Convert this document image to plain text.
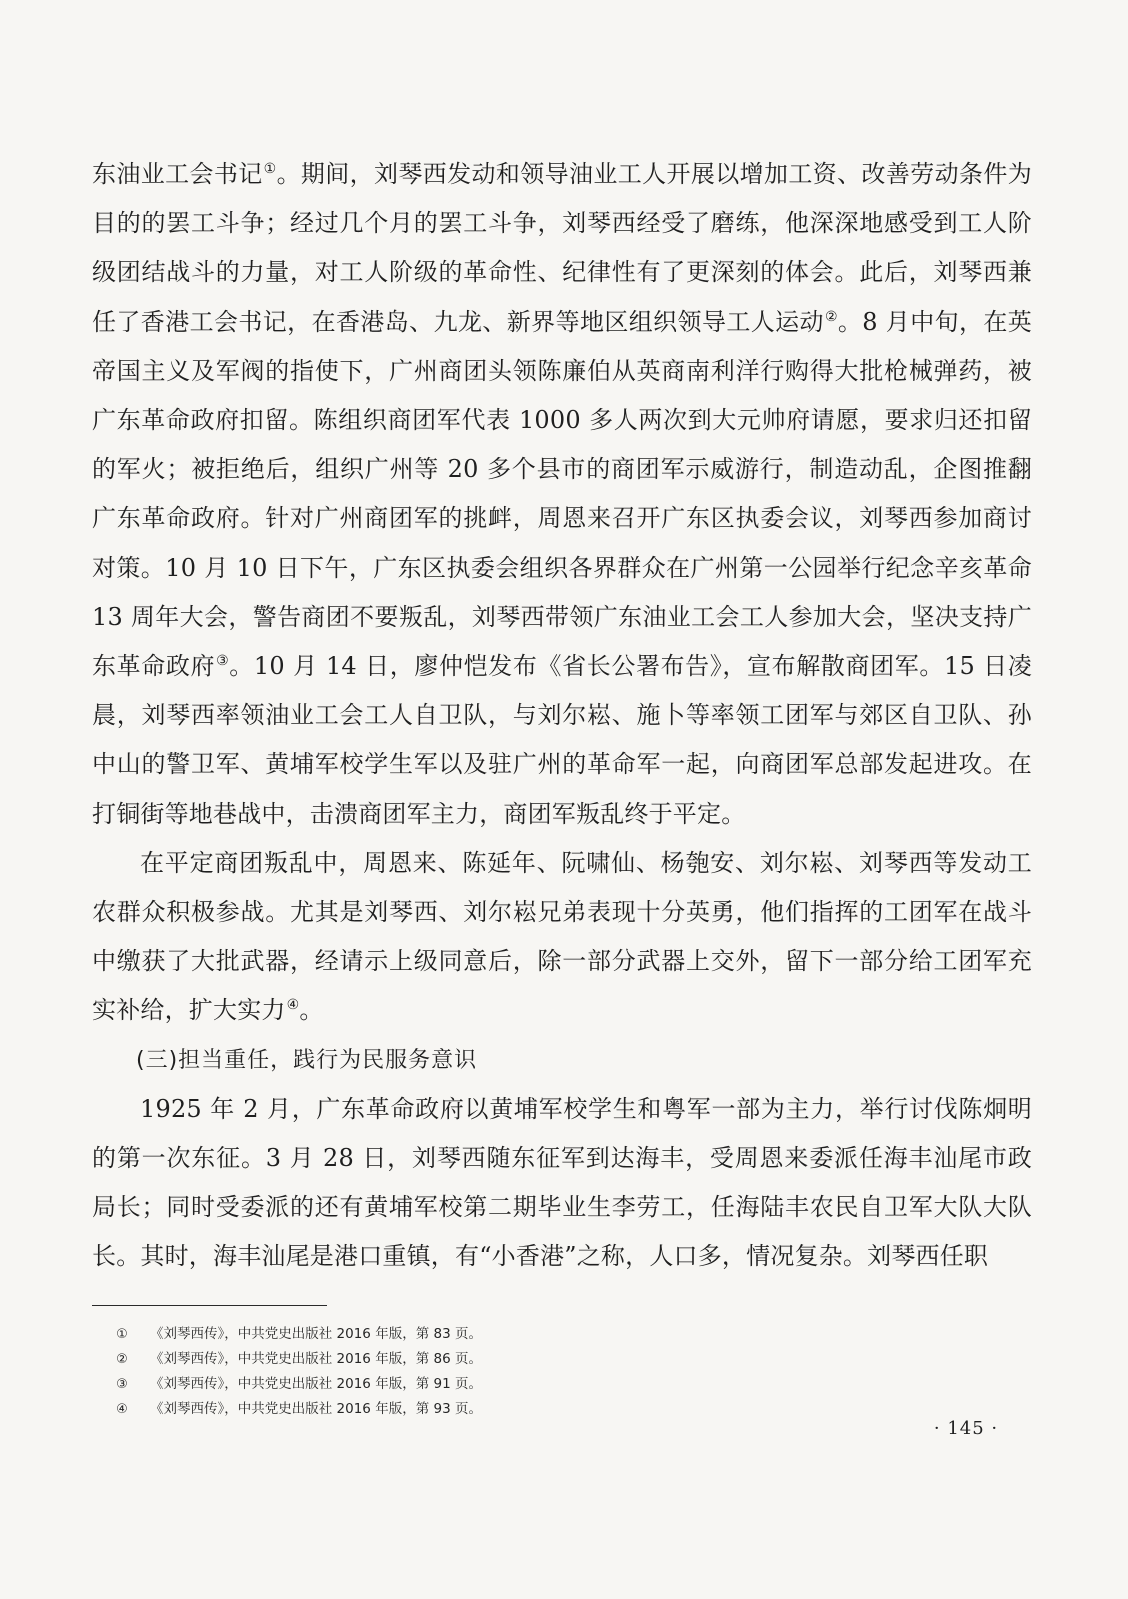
东油业工会书记①。期间，刘琴西发动和领导油业工人开展以增加工资、改善劳动条件为目的的罢工斗争；经过几个月的罢工斗争，刘琴西经受了磨练，他深深地感受到工人阶级团结战斗的力量，对工人阶级的革命性、纪律性有了更深刻的体会。此后，刘琴西兼任了香港工会书记，在香港岛、九龙、新界等地区组织领导工人运动②。8 月中旬，在英帝国主义及军阀的指使下，广州商团头领陈廉伯从英商南利洋行购得大批枪械弹药，被广东革命政府扣留。陈组织商团军代表 1000 多人两次到大元帅府请愿，要求归还扣留的军火；被拒绝后，组织广州等 20 多个县市的商团军示威游行，制造动乱，企图推翻广东革命政府。针对广州商团军的挑衅，周恩来召开广东区执委会议，刘琴西参加商讨对策。10 月 10 日下午，广东区执委会组织各界群众在广州第一公园举行纪念辛亥革命 13 周年大会，警告商团不要叛乱，刘琴西带领广东油业工会工人参加大会，坚决支持广东革命政府③。10 月 14 日，廖仲恺发布《省长公署布告》，宣布解散商团军。15 日凌晨，刘琴西率领油业工会工人自卫队，与刘尔崧、施卜等率领工团军与郊区自卫队、孙中山的警卫军、黄埔军校学生军以及驻广州的革命军一起，向商团军总部发起进攻。在打铜街等地巷战中，击溃商团军主力，商团军叛乱终于平定。

在平定商团叛乱中，周恩来、陈延年、阮啸仙、杨匏安、刘尔崧、刘琴西等发动工农群众积极参战。尤其是刘琴西、刘尔崧兄弟表现十分英勇，他们指挥的工团军在战斗中缴获了大批武器，经请示上级同意后，除一部分武器上交外，留下一部分给工团军充实补给，扩大实力④。

(三)担当重任，践行为民服务意识

1925 年 2 月，广东革命政府以黄埔军校学生和粤军一部为主力，举行讨伐陈炯明的第一次东征。3 月 28 日，刘琴西随东征军到达海丰，受周恩来委派任海丰汕尾市政局长；同时受委派的还有黄埔军校第二期毕业生李劳工，任海陆丰农民自卫军大队大队长。其时，海丰汕尾是港口重镇，有“小香港”之称，人口多，情况复杂。刘琴西任职

①	《刘琴西传》，中共党史出版社 2016 年版，第 83 页。
②	《刘琴西传》，中共党史出版社 2016 年版，第 86 页。
③	《刘琴西传》，中共党史出版社 2016 年版，第 91 页。
④	《刘琴西传》，中共党史出版社 2016 年版，第 93 页。
· 145 ·
